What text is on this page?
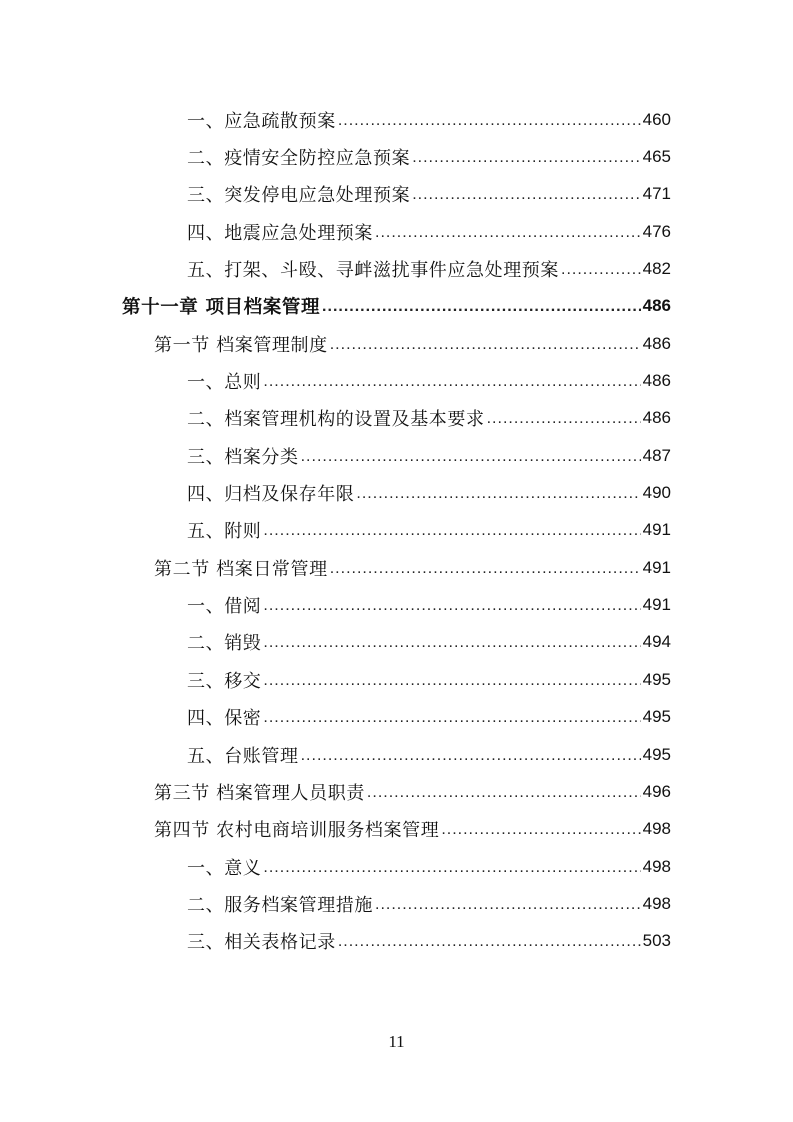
一、应急疏散预案 .....	460
二、疫情安全防控应急预案 .....	465
三、突发停电应急处理预案 .....	471
四、地震应急处理预案 .....	476
五、打架、斗殴、寻衅滋扰事件应急处理预案 .....	482
第十一章 项目档案管理 .....	486
第一节 档案管理制度 .....	486
一、总则 .....	486
二、档案管理机构的设置及基本要求 .....	486
三、档案分类 .....	487
四、归档及保存年限 .....	490
五、附则 .....	491
第二节 档案日常管理 .....	491
一、借阅 .....	491
二、销毁 .....	494
三、移交 .....	495
四、保密 .....	495
五、台账管理 .....	495
第三节 档案管理人员职责 .....	496
第四节 农村电商培训服务档案管理 .....	498
一、意义 .....	498
二、服务档案管理措施 .....	498
三、相关表格记录 .....	503
11
